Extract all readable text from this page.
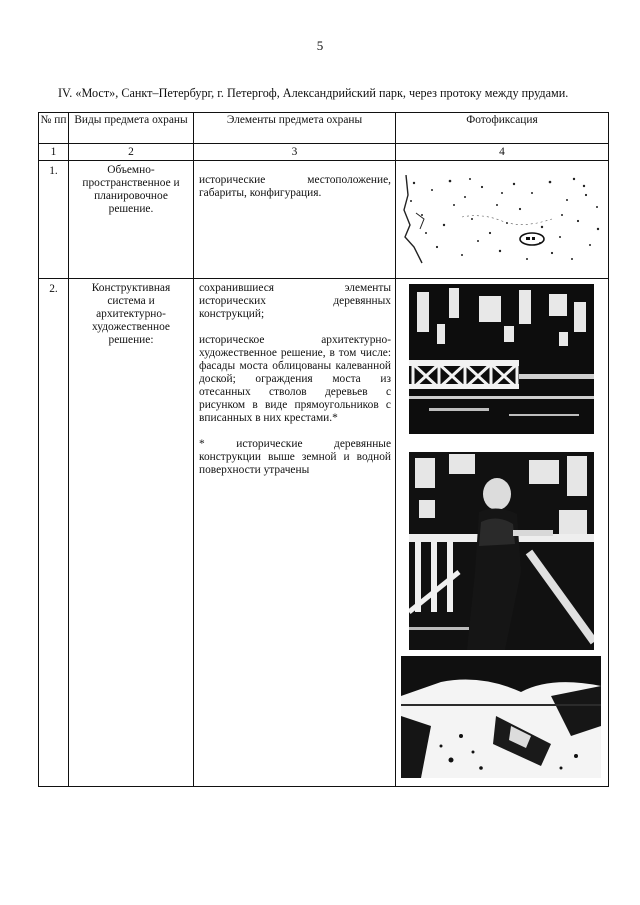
5
IV. «Мост», Санкт–Петербург, г. Петергоф, Александрийский парк, через протоку между прудами.
№ пп	Виды предмета охраны	Элементы предмета охраны	Фотофиксация
1	2	3	4
1.	Объемно-пространственное и планировочное решение.	исторические местоположение, габариты, конфигурация.

2.	Конструктивная система и архитектурно-художественное решение:	сохранившиеся элементы исторических деревянных конструкций;

историческое архитектурно-художественное решение, в том числе: фасады моста облицованы калеванной доской; ограждения моста из отесанных стволов деревьев с рисунком в виде прямоугольников с вписанных в них крестами.*

* исторические деревянные конструкции выше земной и водной поверхности утрачены
